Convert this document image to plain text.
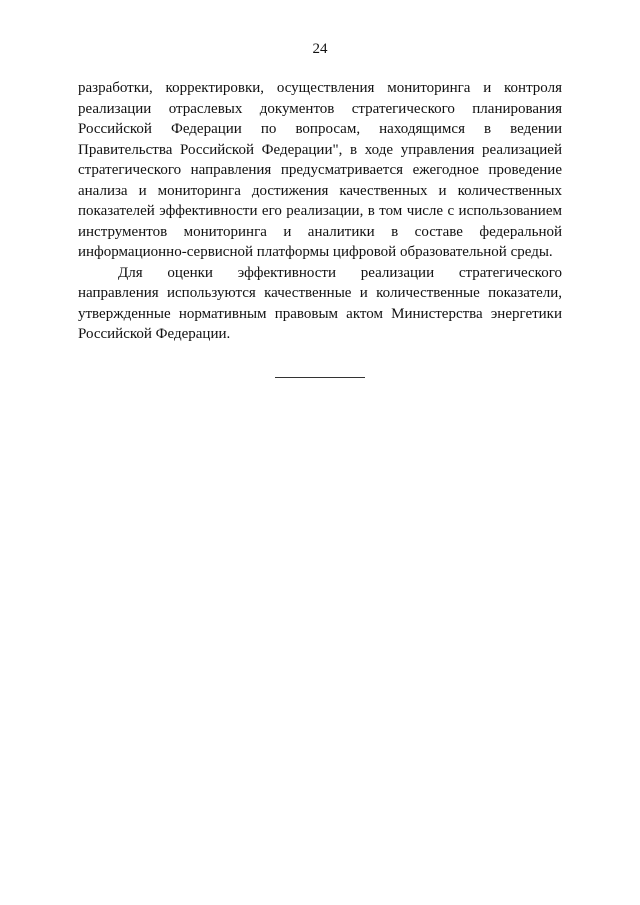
24

разработки, корректировки, осуществления мониторинга и контроля реализации отраслевых документов стратегического планирования Российской Федерации по вопросам, находящимся в ведении Правительства Российской Федерации", в ходе управления реализацией стратегического направления предусматривается ежегодное проведение анализа и мониторинга достижения качественных и количественных показателей эффективности его реализации, в том числе с использованием инструментов мониторинга и аналитики в составе федеральной информационно-сервисной платформы цифровой образовательной среды.

Для оценки эффективности реализации стратегического направления используются качественные и количественные показатели, утвержденные нормативным правовым актом Министерства энергетики Российской Федерации.
